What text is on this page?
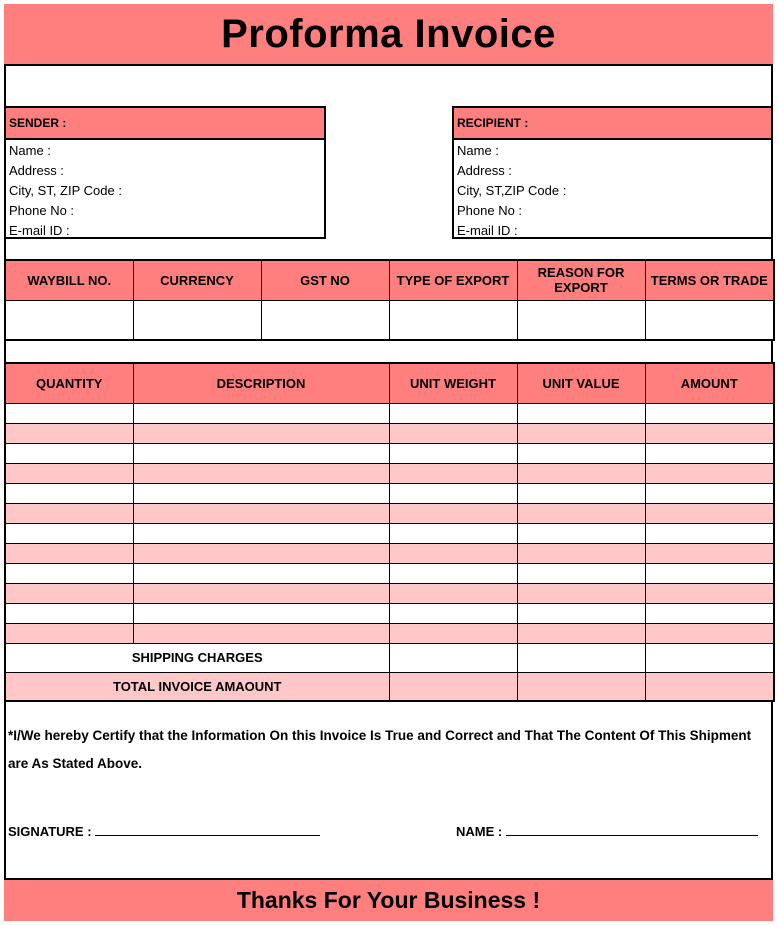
Proforma Invoice
SENDER :
Name :
Address :
City, ST, ZIP Code :
Phone No :
E-mail ID :
RECIPIENT :
Name :
Address :
City, ST,ZIP Code :
Phone No :
E-mail ID :
WAYBILL NO.	CURRENCY	GST NO	TYPE OF EXPORT	REASON FOR EXPORT	TERMS OR TRADE

QUANTITY	DESCRIPTION	UNIT WEIGHT	UNIT VALUE	AMOUNT

SHIPPING CHARGES				
TOTAL INVOICE AMAOUNT				
*I/We hereby Certify that the Information On this Invoice Is True and Correct and That The Content Of This Shipment are As Stated Above.
SIGNATURE :	NAME :
Thanks For Your Business !
